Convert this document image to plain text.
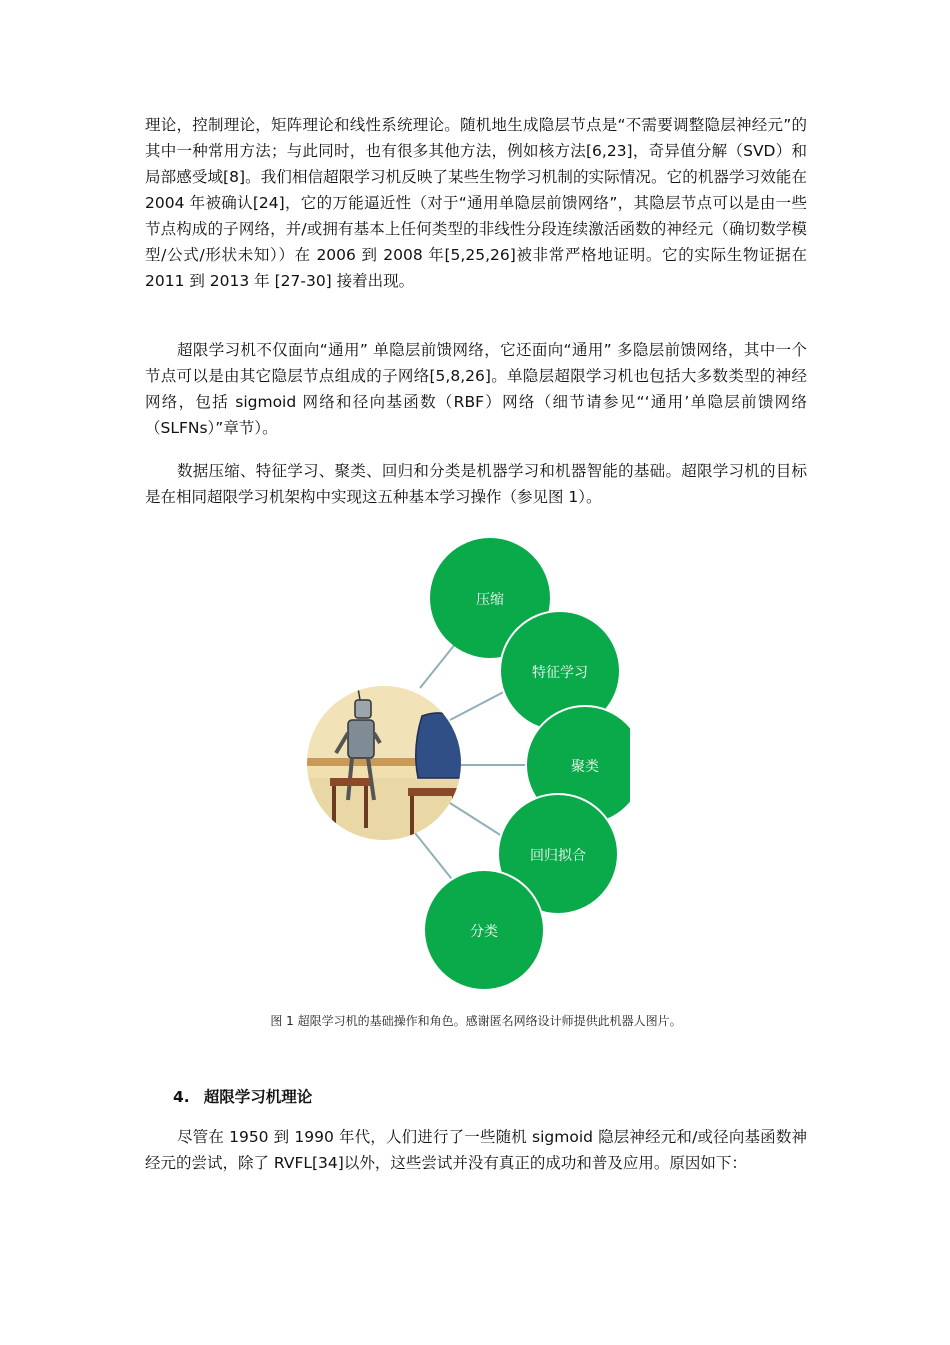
理论，控制理论，矩阵理论和线性系统理论。随机地生成隐层节点是“不需要调整隐层神经元”的其中一种常用方法；与此同时，也有很多其他方法，例如核方法[6,23]，奇异值分解（SVD）和局部感受域[8]。我们相信超限学习机反映了某些生物学习机制的实际情况。它的机器学习效能在 2004 年被确认[24]，它的万能逼近性（对于“通用单隐层前馈网络”，其隐层节点可以是由一些节点构成的子网络，并/或拥有基本上任何类型的非线性分段连续激活函数的神经元（确切数学模型/公式/形状未知））在 2006 到 2008 年[5,25,26]被非常严格地证明。它的实际生物证据在 2011 到 2013 年 [27-30] 接着出现。

超限学习机不仅面向“通用” 单隐层前馈网络，它还面向“通用” 多隐层前馈网络，其中一个节点可以是由其它隐层节点组成的子网络[5,8,26]。单隐层超限学习机也包括大多数类型的神经网络，包括 sigmoid 网络和径向基函数（RBF）网络（细节请参见“‘通用’单隐层前馈网络（SLFNs）”章节）。

数据压缩、特征学习、聚类、回归和分类是机器学习和机器智能的基础。超限学习机的目标是在相同超限学习机架构中实现这五种基本学习操作（参见图 1）。

压缩
特征学习
聚类
回归拟合
分类
图 1 超限学习机的基础操作和角色。感谢匿名网络设计师提供此机器人图片。
4. 超限学习机理论

尽管在 1950 到 1990 年代，人们进行了一些随机 sigmoid 隐层神经元和/或径向基函数神经元的尝试，除了 RVFL[34]以外，这些尝试并没有真正的成功和普及应用。原因如下：
